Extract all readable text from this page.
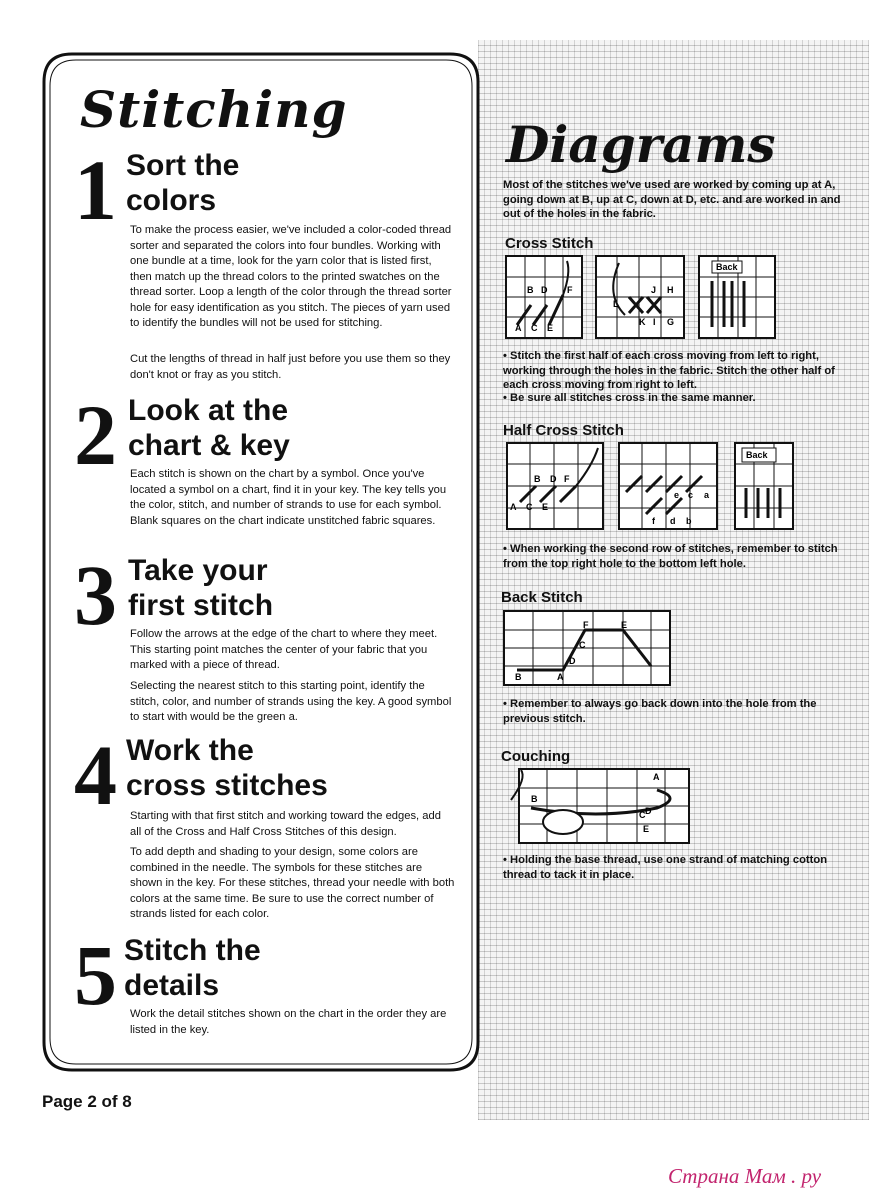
Stitching
1 Sort the
colors
To make the process easier, we've included a color-coded thread sorter and separated the colors into four bundles. Working with one bundle at a time, look for the yarn color that is listed first, then match up the thread colors to the printed swatches on the thread sorter. Loop a length of the color through the thread sorter hole for easy identification as you stitch. The pieces of yarn used to identify the bundles will not be used for stitching.
Cut the lengths of thread in half just before you use them so they don't knot or fray as you stitch.
2 Look at the
chart & key
Each stitch is shown on the chart by a symbol. Once you've located a symbol on a chart, find it in your key. The key tells you the color, stitch, and number of strands to use for each symbol. Blank squares on the chart indicate unstitched fabric squares.
3 Take your
first stitch
Follow the arrows at the edge of the chart to where they meet. This starting point matches the center of your fabric that you marked with a piece of thread.
Selecting the nearest stitch to this starting point, identify the stitch, color, and number of strands using the key. A good symbol to start with would be the green a.
4 Work the
cross stitches
Starting with that first stitch and working toward the edges, add all of the Cross and Half Cross Stitches of this design.
To add depth and shading to your design, some colors are combined in the needle. The symbols for these stitches are shown in the key. For these stitches, thread your needle with both colors at the same time. Be sure to use the correct number of strands listed for each color.
5 Stitch the
details
Work the detail stitches shown on the chart in the order they are listed in the key.
Page 2 of 8
Diagrams
Most of the stitches we've used are worked by coming up at A, going down at B, up at C, down at D, etc. and are worked in and out of the holes in the fabric.
Cross Stitch
B D F
A C E
L
J H
K I G
Back
• Stitch the first half of each cross moving from left to right, working through the holes in the fabric. Stitch the other half of each cross moving from right to left.
• Be sure all stitches cross in the same manner.
Half Cross Stitch
B D F
A C E
e c a
f d b
Back
• When working the second row of stitches, remember to stitch from the top right hole to the bottom left hole.
Back Stitch
F	E
C
D
B	A
• Remember to always go back down into the hole from the previous stitch.
Couching
A
B
C D
E
• Holding the base thread, use one strand of matching cotton thread to tack it in place.
Страна Мам . ру
